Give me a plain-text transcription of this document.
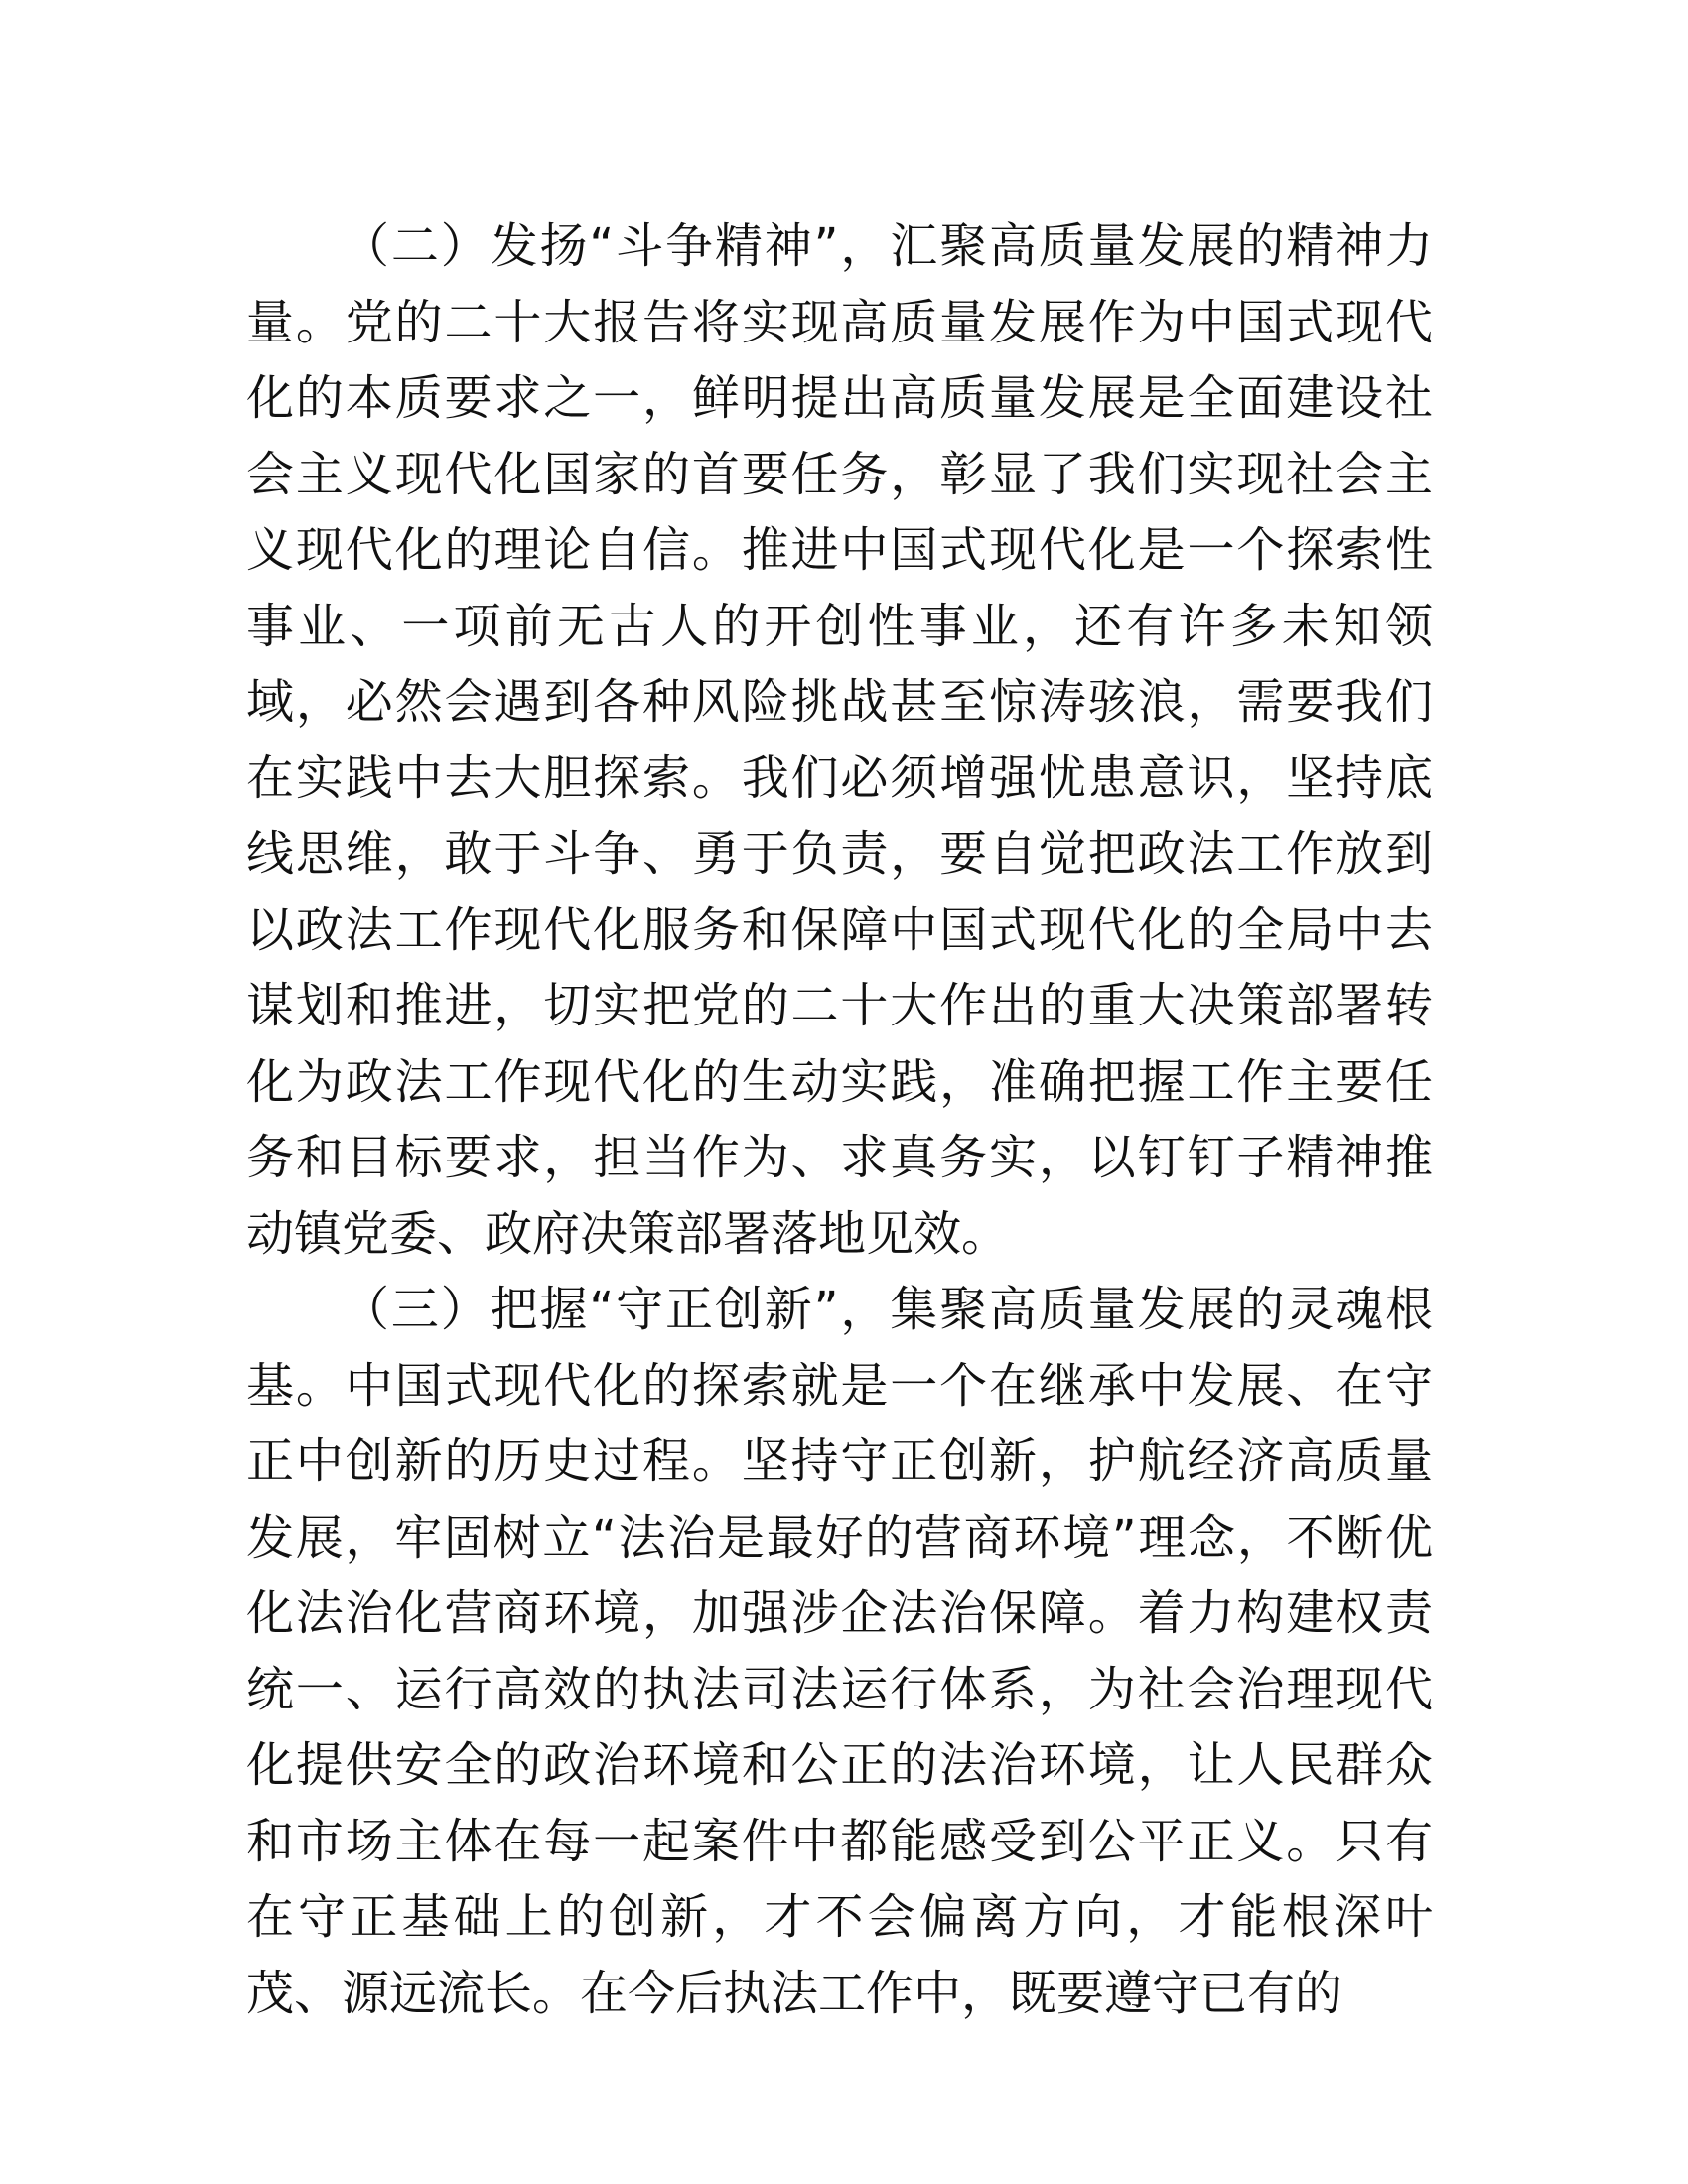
（二）发扬“斗争精神”，汇聚高质量发展的精神力量。党的二十大报告将实现高质量发展作为中国式现代化的本质要求之一，鲜明提出高质量发展是全面建设社会主义现代化国家的首要任务，彰显了我们实现社会主义现代化的理论自信。推进中国式现代化是一个探索性事业、一项前无古人的开创性事业，还有许多未知领域，必然会遇到各种风险挑战甚至惊涛骇浪，需要我们在实践中去大胆探索。我们必须增强忧患意识，坚持底线思维，敢于斗争、勇于负责，要自觉把政法工作放到以政法工作现代化服务和保障中国式现代化的全局中去谋划和推进，切实把党的二十大作出的重大决策部署转化为政法工作现代化的生动实践，准确把握工作主要任务和目标要求，担当作为、求真务实，以钉钉子精神推动镇党委、政府决策部署落地见效。

（三）把握“守正创新”，集聚高质量发展的灵魂根基。中国式现代化的探索就是一个在继承中发展、在守正中创新的历史过程。坚持守正创新，护航经济高质量发展，牢固树立“法治是最好的营商环境”理念，不断优化法治化营商环境，加强涉企法治保障。着力构建权责统一、运行高效的执法司法运行体系，为社会治理现代化提供安全的政治环境和公正的法治环境，让人民群众和市场主体在每一起案件中都能感受到公平正义。只有在守正基础上的创新，才不会偏离方向，才能根深叶茂、源远流长。在今后执法工作中，既要遵守已有的
